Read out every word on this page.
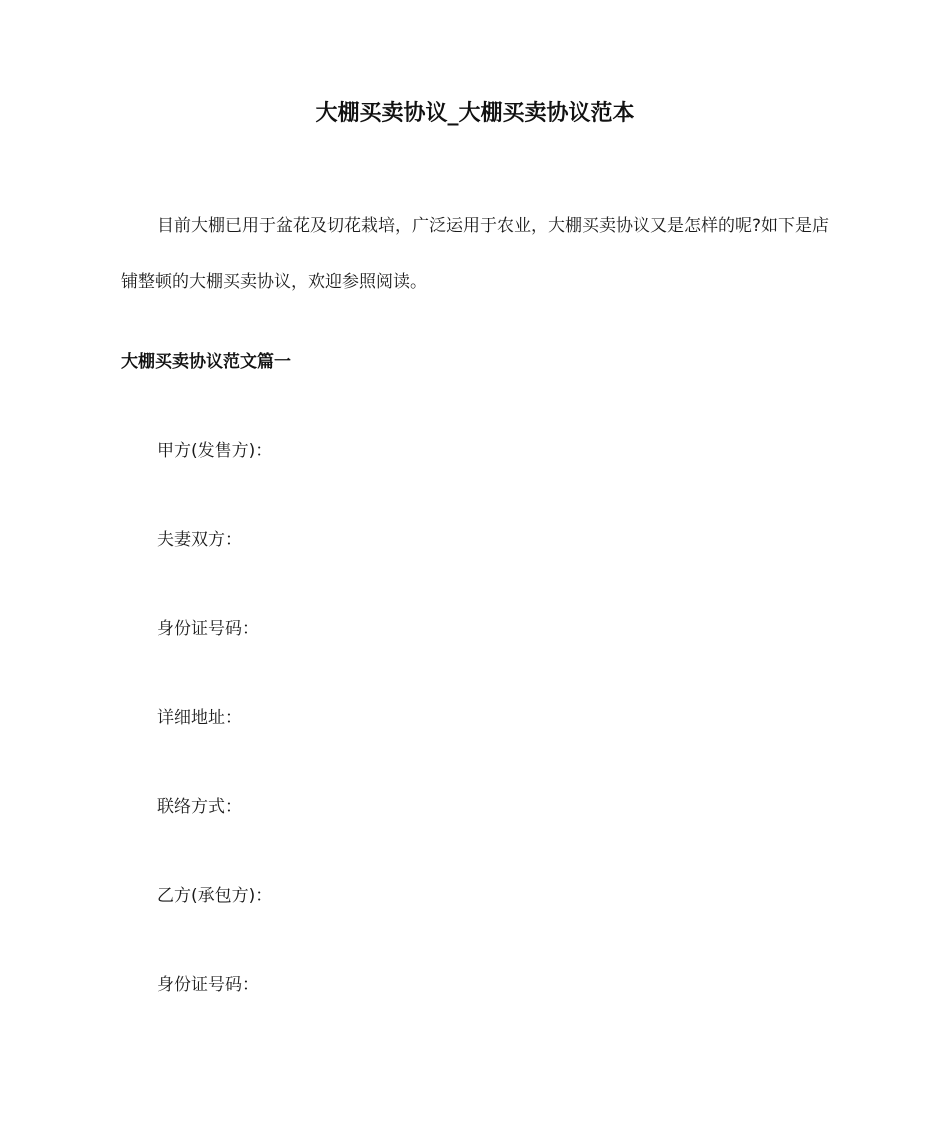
大棚买卖协议_大棚买卖协议范本

目前大棚已用于盆花及切花栽培，广泛运用于农业，大棚买卖协议又是怎样的呢?如下是店铺整顿的大棚买卖协议，欢迎参照阅读。

大棚买卖协议范文篇一
甲方(发售方)：
夫妻双方：
身份证号码：
详细地址：
联络方式：
乙方(承包方)：
身份证号码：
